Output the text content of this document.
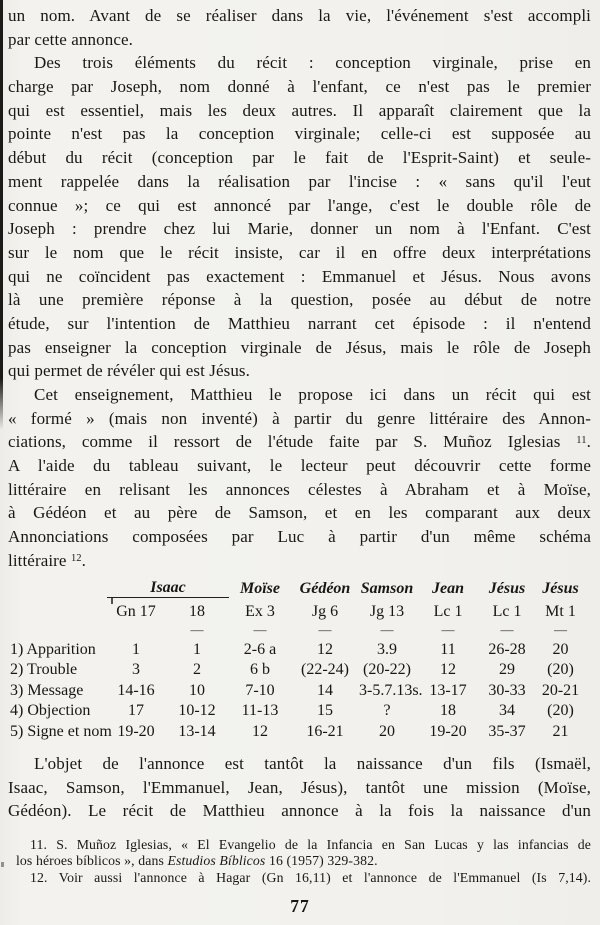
un nom. Avant de se réaliser dans la vie, l'événement s'est accompli
par cette annonce.
Des trois éléments du récit : conception virginale, prise en
charge par Joseph, nom donné à l'enfant, ce n'est pas le premier
qui est essentiel, mais les deux autres. Il apparaît clairement que la
pointe n'est pas la conception virginale; celle-ci est supposée au
début du récit (conception par le fait de l'Esprit-Saint) et seule-
ment rappelée dans la réalisation par l'incise : « sans qu'il l'eut
connue »; ce qui est annoncé par l'ange, c'est le double rôle de
Joseph : prendre chez lui Marie, donner un nom à l'Enfant. C'est
sur le nom que le récit insiste, car il en offre deux interprétations
qui ne coïncident pas exactement : Emmanuel et Jésus. Nous avons
là une première réponse à la question, posée au début de notre
étude, sur l'intention de Matthieu narrant cet épisode : il n'entend
pas enseigner la conception virginale de Jésus, mais le rôle de Joseph
qui permet de révéler qui est Jésus.
Cet enseignement, Matthieu le propose ici dans un récit qui est
« formé » (mais non inventé) à partir du genre littéraire des Annon-
ciations, comme il ressort de l'étude faite par S. Muñoz Iglesias $^{11}$.
A l'aide du tableau suivant, le lecteur peut découvrir cette forme
littéraire en relisant les annonces célestes à Abraham et à Moïse,
à Gédéon et au père de Samson, et en les comparant aux deux
Annonciations composées par Luc à partir d'un même schéma
littéraire $^{12}$.
	Isaac		Moïse	Gédéon	Samson	Jean	Jésus	Jésus
	Gn 17	18	Ex 3	Jg 6	Jg 13	Lc 1	Lc 1	Mt 1
		—	—	—	—	—	—	—
1) Apparition	1	1	2-6 a	12	3.9	11	26-28	20
2) Trouble	3	2	6 b	(22-24)	(20-22)	12	29	(20)
3) Message	14-16	10	7-10	14	3-5.7.13s.	13-17	30-33	20-21
4) Objection	17	10-12	11-13	15	?	18	34	(20)
5) Signe et nom	19-20	13-14	12	16-21	20	19-20	35-37	21
L'objet de l'annonce est tantôt la naissance d'un fils (Ismaël,
Isaac, Samson, l'Emmanuel, Jean, Jésus), tantôt une mission (Moïse,
Gédéon). Le récit de Matthieu annonce à la fois la naissance d'un
11. S. Muñoz Iglesias, « El Evangelio de la Infancia en San Lucas y las infancias de
los héroes bíblicos », dans Estudios Bíblicos 16 (1957) 329-382.
12. Voir aussi l'annonce à Hagar (Gn 16,11) et l'annonce de l'Emmanuel (Is 7,14).
77
